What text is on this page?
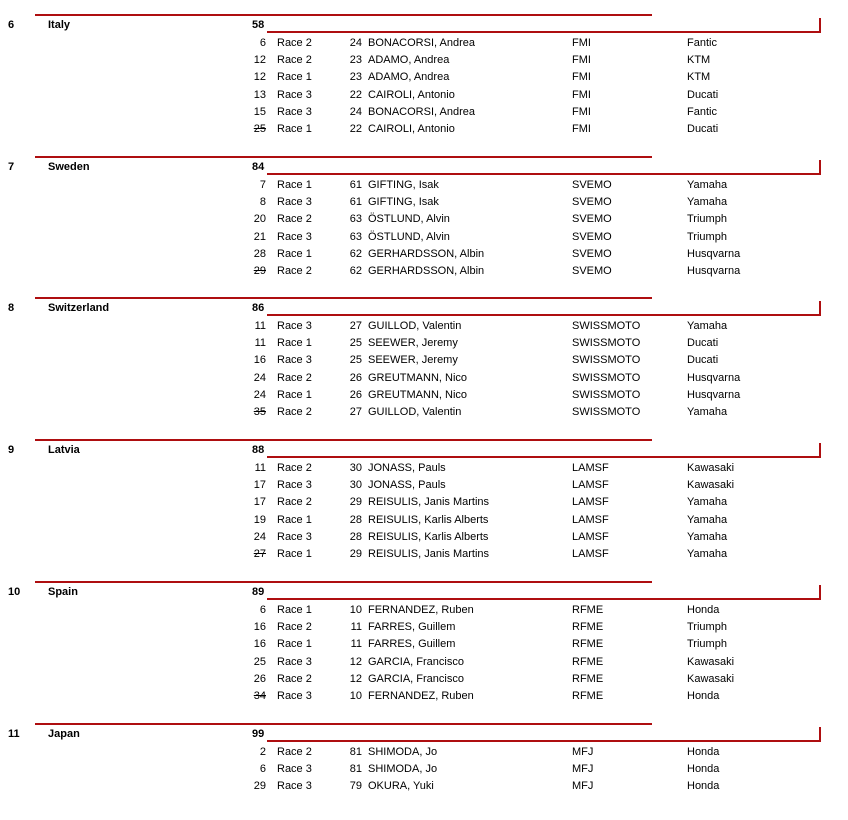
6	Italy	58
6 Race 2	24 BONACORSI, Andrea	FMI	Fantic
12 Race 2	23 ADAMO, Andrea	FMI	KTM
12 Race 1	23 ADAMO, Andrea	FMI	KTM
13 Race 3	22 CAIROLI, Antonio	FMI	Ducati
15 Race 3	24 BONACORSI, Andrea	FMI	Fantic
25 Race 1	22 CAIROLI, Antonio	FMI	Ducati
7	Sweden	84
7 Race 1	61 GIFTING, Isak	SVEMO	Yamaha
8 Race 3	61 GIFTING, Isak	SVEMO	Yamaha
20 Race 2	63 ÖSTLUND, Alvin	SVEMO	Triumph
21 Race 3	63 ÖSTLUND, Alvin	SVEMO	Triumph
28 Race 1	62 GERHARDSSON, Albin	SVEMO	Husqvarna
29 Race 2	62 GERHARDSSON, Albin	SVEMO	Husqvarna
8	Switzerland	86
11 Race 3	27 GUILLOD, Valentin	SWISSMOTO	Yamaha
11 Race 1	25 SEEWER, Jeremy	SWISSMOTO	Ducati
16 Race 3	25 SEEWER, Jeremy	SWISSMOTO	Ducati
24 Race 2	26 GREUTMANN, Nico	SWISSMOTO	Husqvarna
24 Race 1	26 GREUTMANN, Nico	SWISSMOTO	Husqvarna
35 Race 2	27 GUILLOD, Valentin	SWISSMOTO	Yamaha
9	Latvia	88
11 Race 2	30 JONASS, Pauls	LAMSF	Kawasaki
17 Race 3	30 JONASS, Pauls	LAMSF	Kawasaki
17 Race 2	29 REISULIS, Janis Martins	LAMSF	Yamaha
19 Race 1	28 REISULIS, Karlis Alberts	LAMSF	Yamaha
24 Race 3	28 REISULIS, Karlis Alberts	LAMSF	Yamaha
27 Race 1	29 REISULIS, Janis Martins	LAMSF	Yamaha
10	Spain	89
6 Race 1	10 FERNANDEZ, Ruben	RFME	Honda
16 Race 2	11 FARRES, Guillem	RFME	Triumph
16 Race 1	11 FARRES, Guillem	RFME	Triumph
25 Race 3	12 GARCIA, Francisco	RFME	Kawasaki
26 Race 2	12 GARCIA, Francisco	RFME	Kawasaki
34 Race 3	10 FERNANDEZ, Ruben	RFME	Honda
11	Japan	99
2 Race 2	81 SHIMODA, Jo	MFJ	Honda
6 Race 3	81 SHIMODA, Jo	MFJ	Honda
29 Race 3	79 OKURA, Yuki	MFJ	Honda
